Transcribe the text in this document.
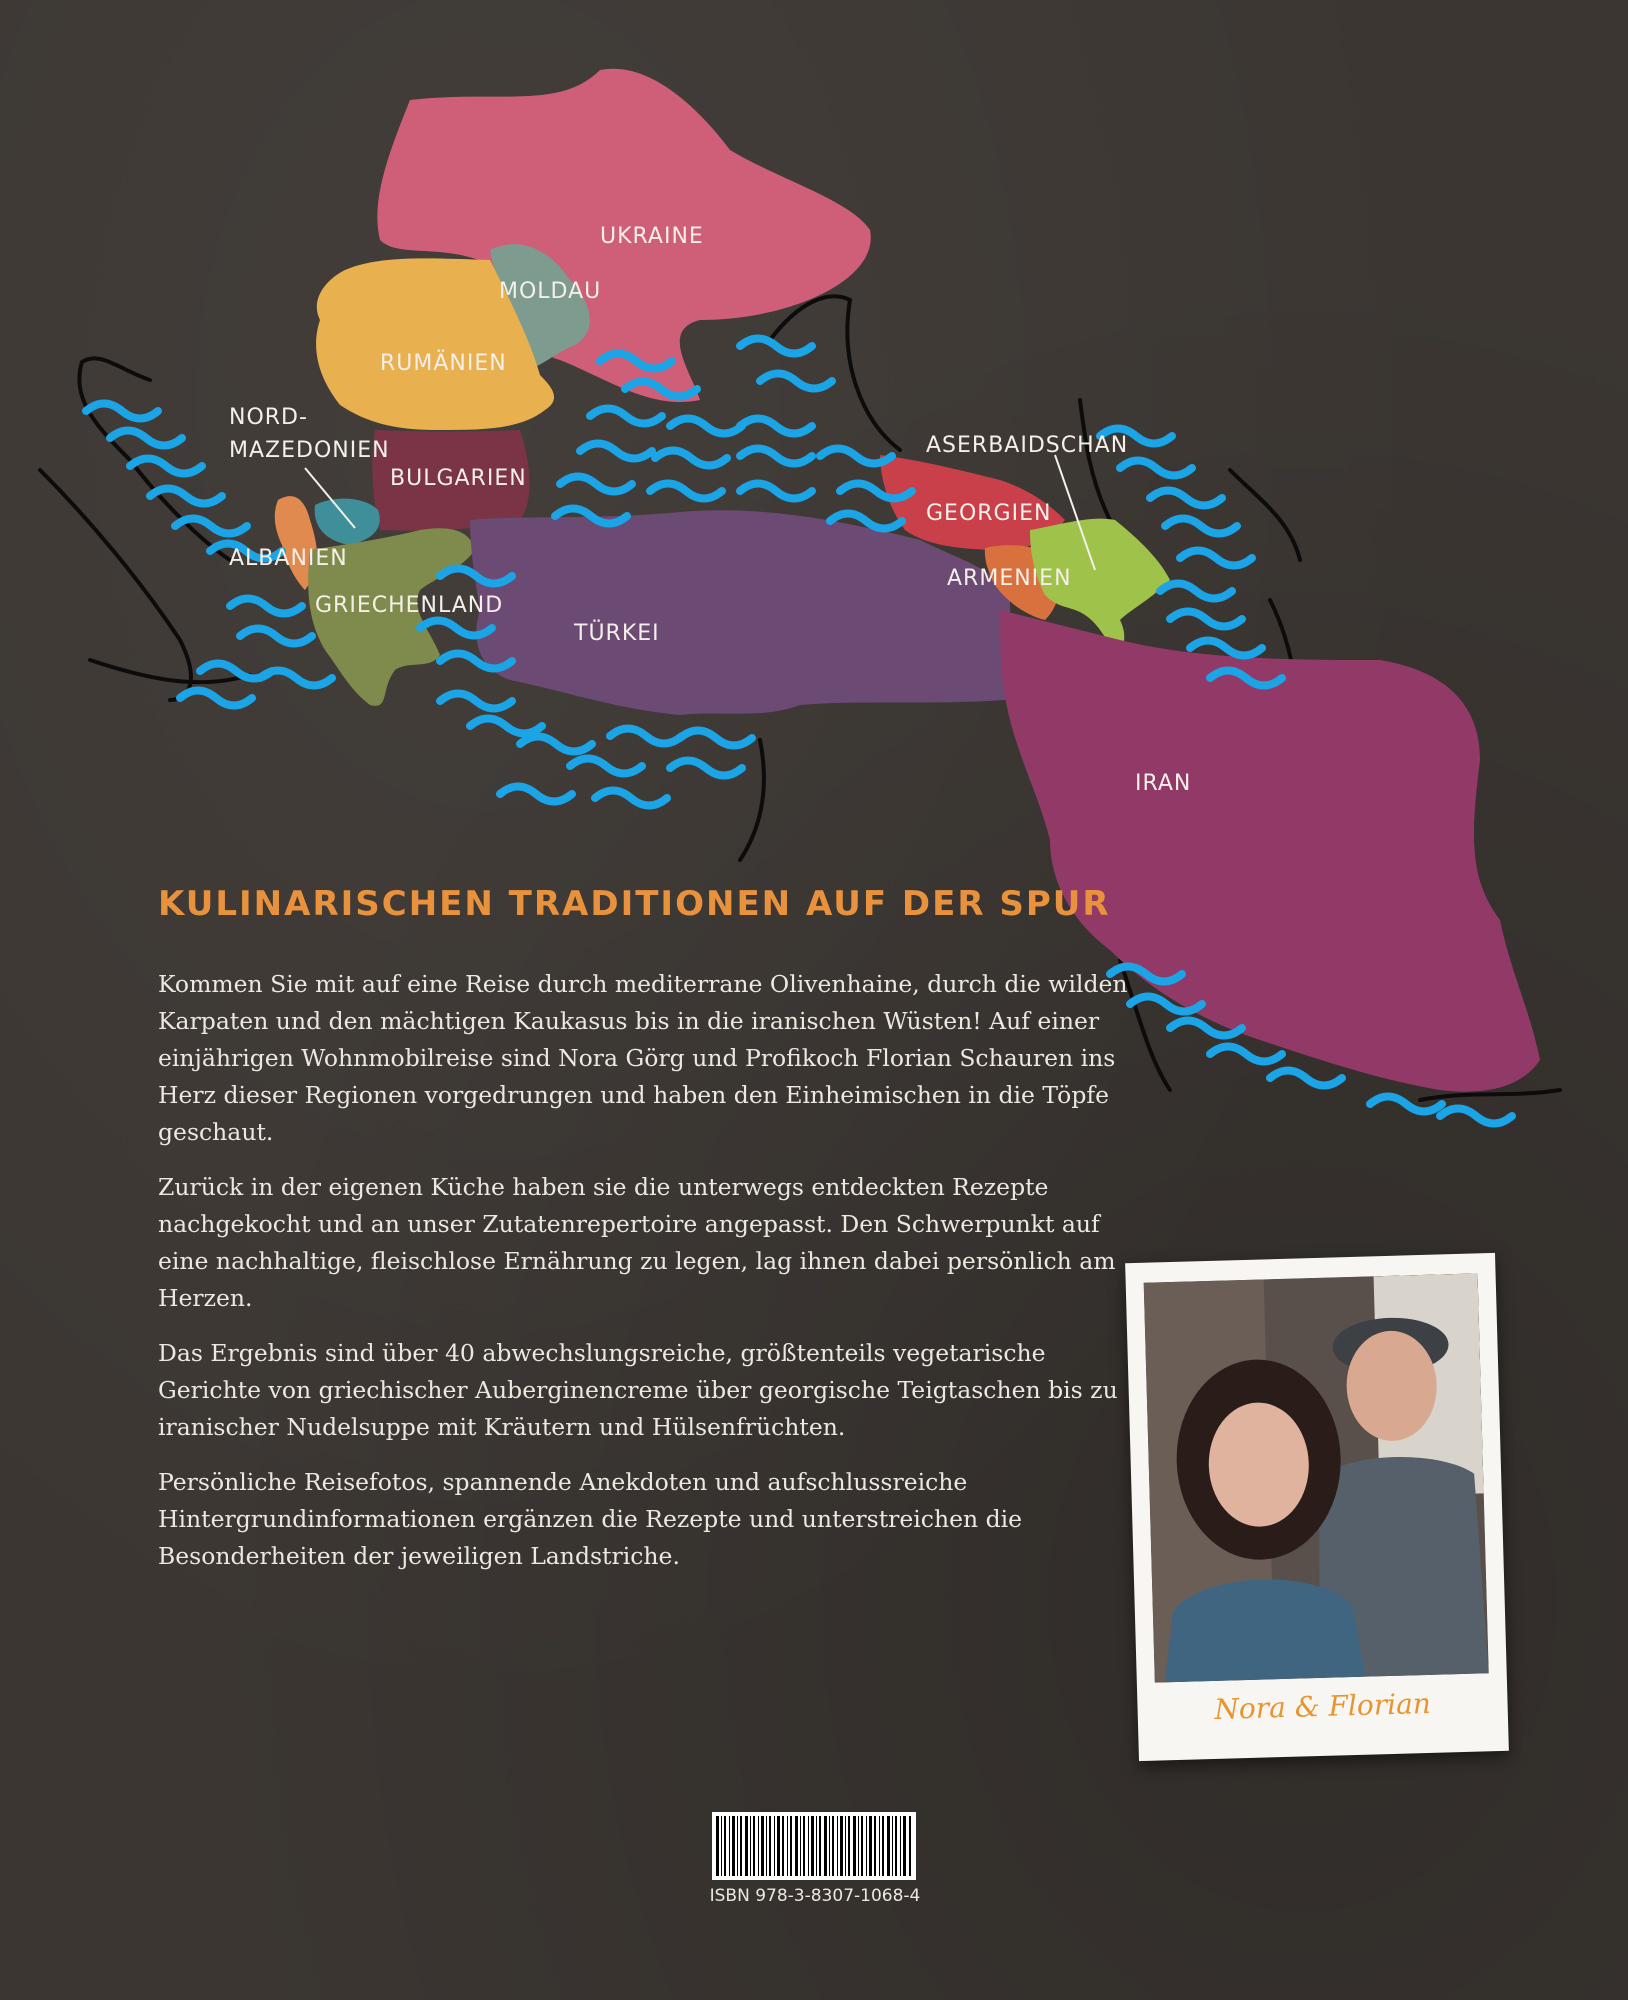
UKRAINE
MOLDAU
RUMÄNIEN
NORD-
MAZEDONIEN
BULGARIEN
ALBANIEN
GRIECHENLAND
TÜRKEI
ASERBAIDSCHAN
GEORGIEN
ARMENIEN
IRAN
KULINARISCHEN TRADITIONEN AUF DER SPUR

Kommen Sie mit auf eine Reise durch mediterrane Olivenhaine, durch die wilden Karpaten und den mächtigen Kaukasus bis in die iranischen Wüsten! Auf einer einjährigen Wohnmobilreise sind Nora Görg und Profikoch Florian Schauren ins Herz dieser Regionen vorgedrungen und haben den Einheimischen in die Töpfe geschaut.

Zurück in der eigenen Küche haben sie die unterwegs entdeckten Rezepte nachgekocht und an unser Zutatenrepertoire angepasst. Den Schwerpunkt auf eine nachhaltige, fleischlose Ernährung zu legen, lag ihnen dabei persönlich am Herzen.

Das Ergebnis sind über 40 abwechslungsreiche, größtenteils vegetarische Gerichte von griechischer Auberginencreme über georgische Teigtaschen bis zu iranischer Nudelsuppe mit Kräutern und Hülsenfrüchten.

Persönliche Reisefotos, spannende Anekdoten und aufschlussreiche Hintergrundinformationen ergänzen die Rezepte und unterstreichen die Besonderheiten der jeweiligen Landstriche.

Nora & Florian
ISBN 978-3-8307-1068-4
